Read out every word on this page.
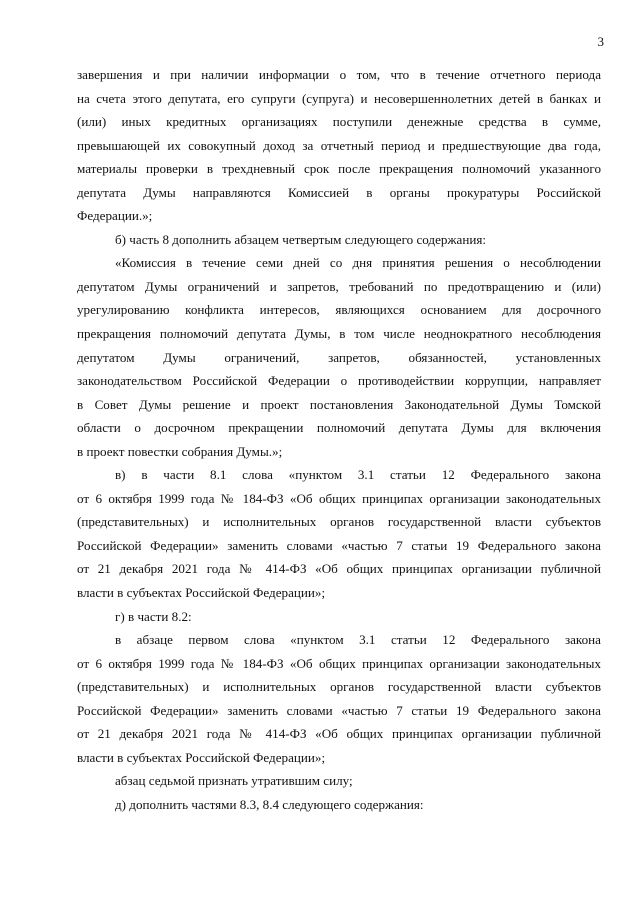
3
завершения и при наличии информации о том, что в течение отчетного периода
на счета этого депутата, его супруги (супруга) и несовершеннолетних детей в банках и
(или) иных кредитных организациях поступили денежные средства в сумме,
превышающей их совокупный доход за отчетный период и предшествующие два года,
материалы проверки в трехдневный срок после прекращения полномочий указанного
депутата Думы направляются Комиссией в органы прокуратуры Российской
Федерации.»;
б) часть 8 дополнить абзацем четвертым следующего содержания:
«Комиссия в течение семи дней со дня принятия решения о несоблюдении
депутатом Думы ограничений и запретов, требований по предотвращению и (или)
урегулированию конфликта интересов, являющихся основанием для досрочного
прекращения полномочий депутата Думы, в том числе неоднократного несоблюдения
депутатом Думы ограничений, запретов, обязанностей, установленных
законодательством Российской Федерации о противодействии коррупции, направляет
в Совет Думы решение и проект постановления Законодательной Думы Томской
области о досрочном прекращении полномочий депутата Думы для включения
в проект повестки собрания Думы.»;
в) в части 8.1 слова «пунктом 3.1 статьи 12 Федерального закона
от 6 октября 1999 года № 184-ФЗ «Об общих принципах организации законодательных
(представительных) и исполнительных органов государственной власти субъектов
Российской Федерации» заменить словами «частью 7 статьи 19 Федерального закона
от 21 декабря 2021 года № 414-ФЗ «Об общих принципах организации публичной
власти в субъектах Российской Федерации»;
г) в части 8.2:
в абзаце первом слова «пунктом 3.1 статьи 12 Федерального закона
от 6 октября 1999 года № 184-ФЗ «Об общих принципах организации законодательных
(представительных) и исполнительных органов государственной власти субъектов
Российской Федерации» заменить словами «частью 7 статьи 19 Федерального закона
от 21 декабря 2021 года № 414-ФЗ «Об общих принципах организации публичной
власти в субъектах Российской Федерации»;
абзац седьмой признать утратившим силу;
д) дополнить частями 8.3, 8.4 следующего содержания:
